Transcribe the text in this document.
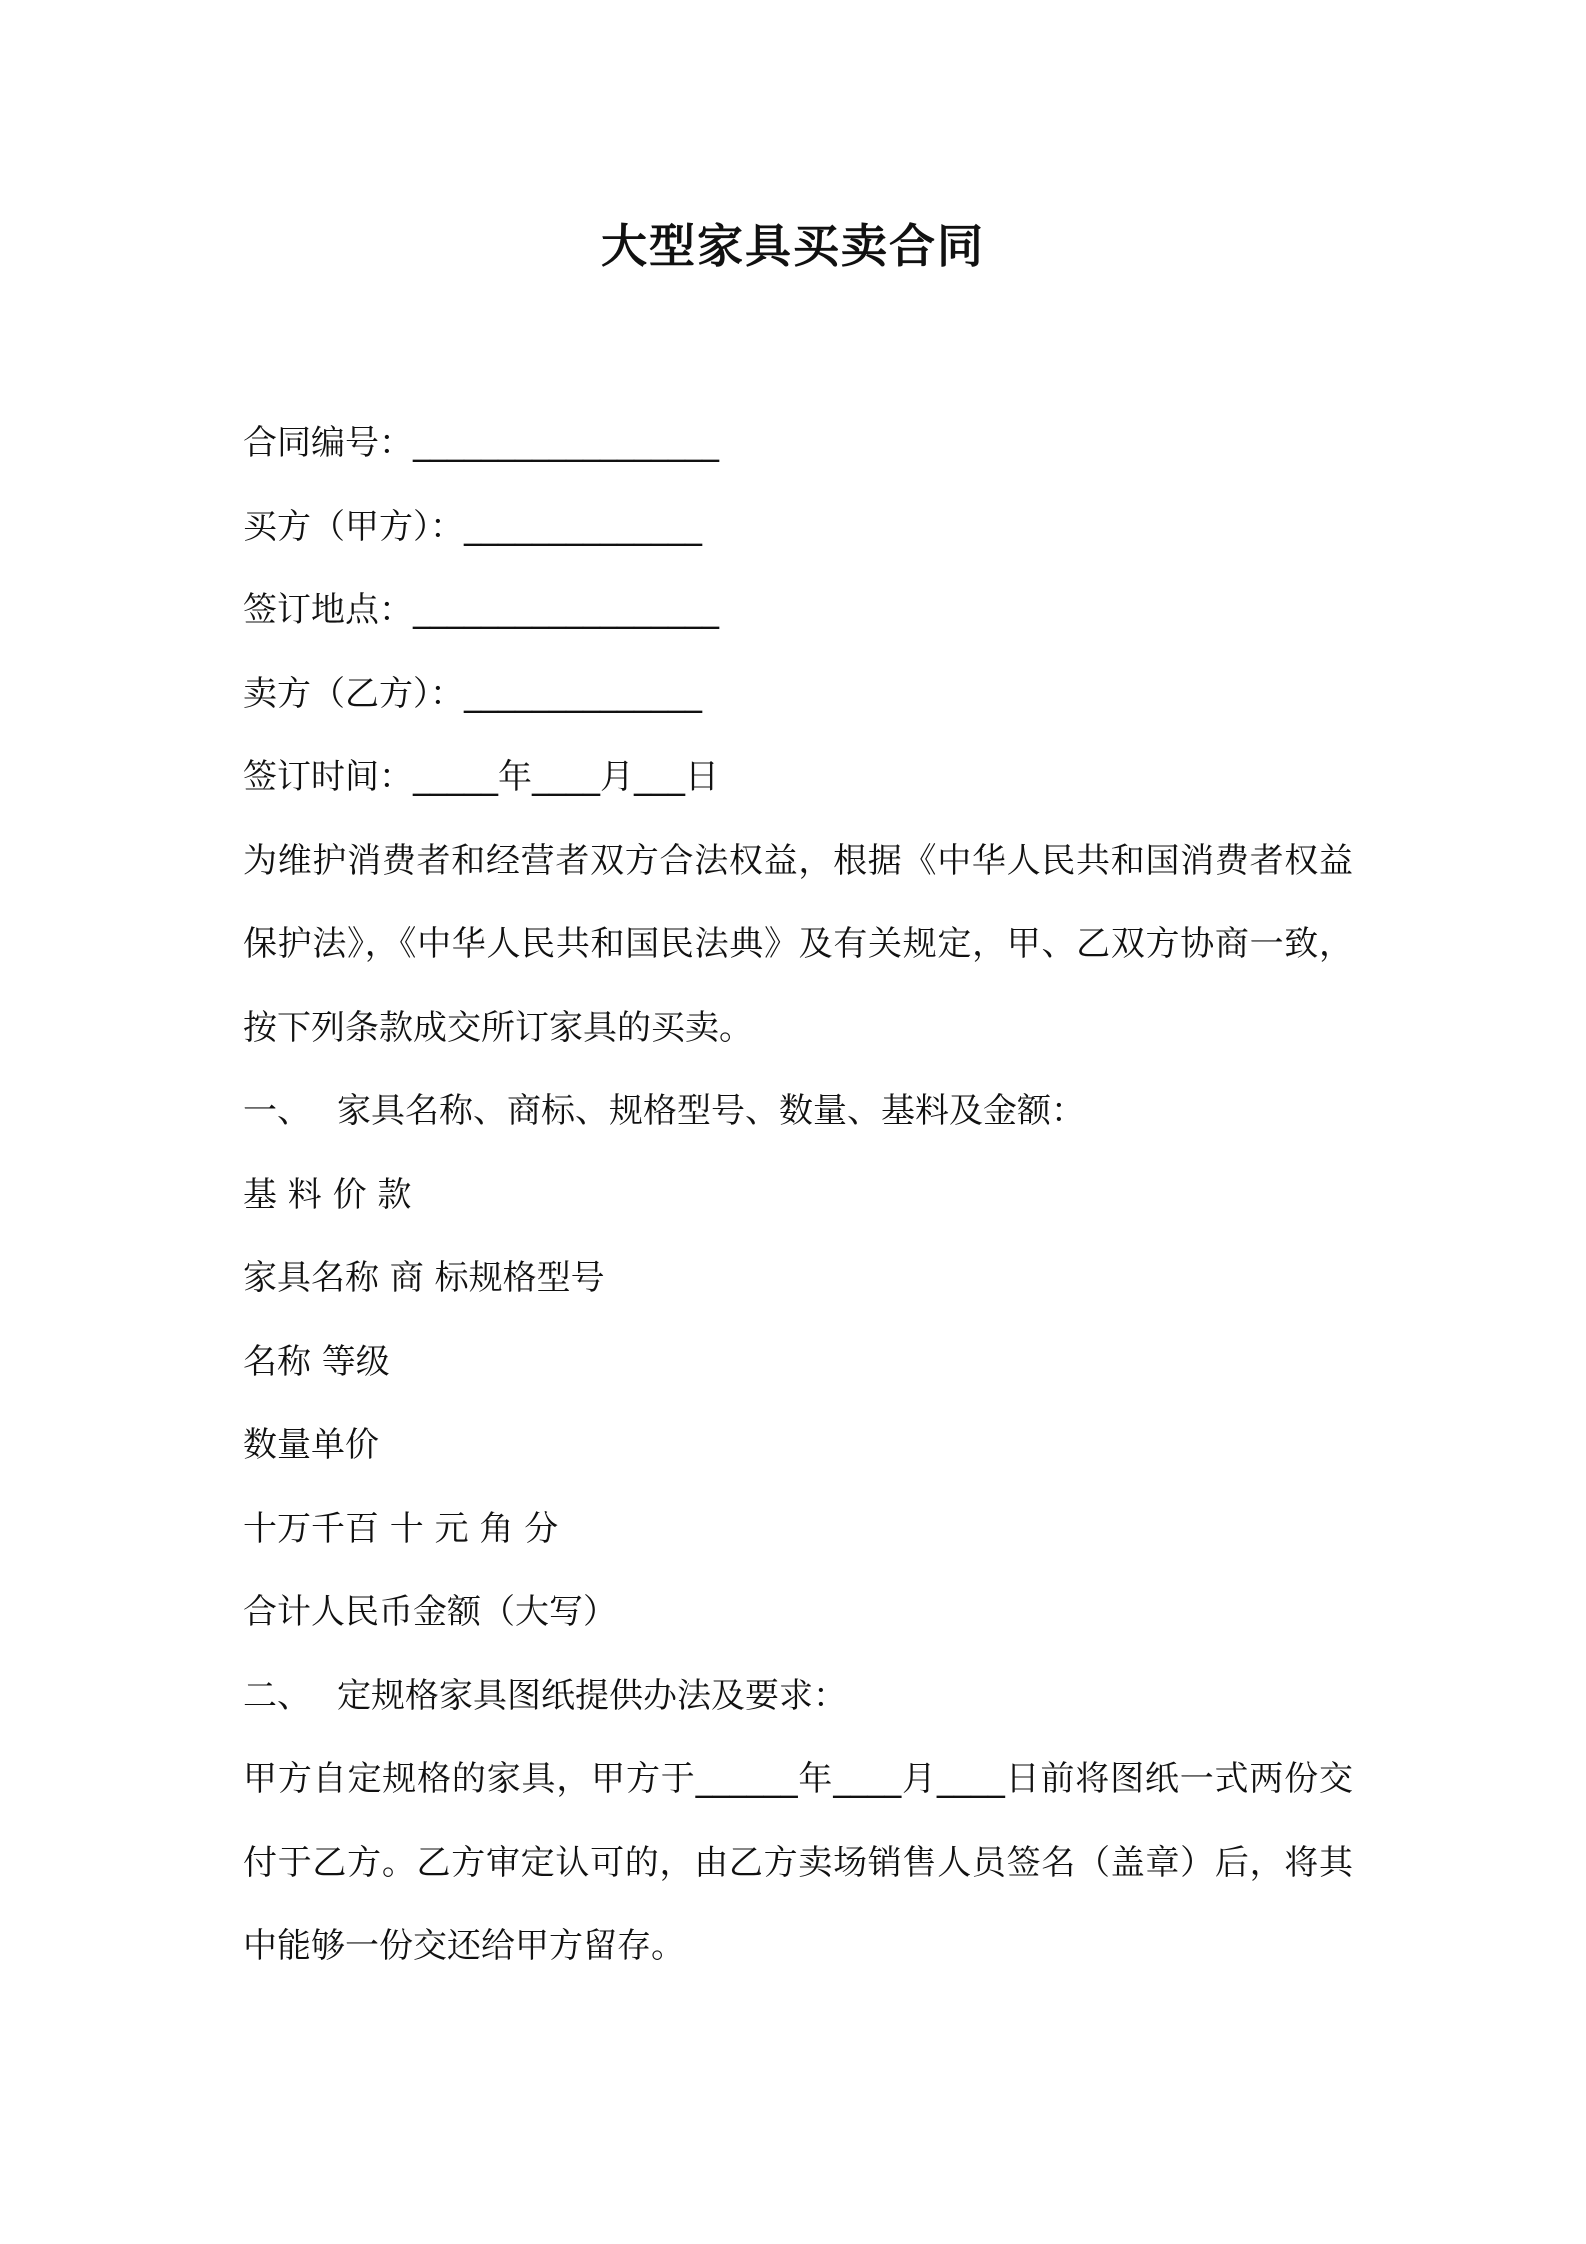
大型家具买卖合同
合同编号：__________________
买方（甲方）：______________
签订地点：__________________
卖方（乙方）：______________
签订时间：_____年____月___日
为维护消费者和经营者双方合法权益，根据《中华人民共和国消费者权益保护法》，《中华人民共和国民法典》及有关规定，甲、乙双方协商一致，按下列条款成交所订家具的买卖。
一、 家具名称、商标、规格型号、数量、基料及金额：
基 料 价 款
家具名称 商 标规格型号
名称 等级
数量单价
十万千百 十 元 角 分
合计人民币金额（大写）
二、 定规格家具图纸提供办法及要求：
甲方自定规格的家具，甲方于______年____月____日前将图纸一式两份交付于乙方。乙方审定认可的，由乙方卖场销售人员签名（盖章）后，将其中能够一份交还给甲方留存。
